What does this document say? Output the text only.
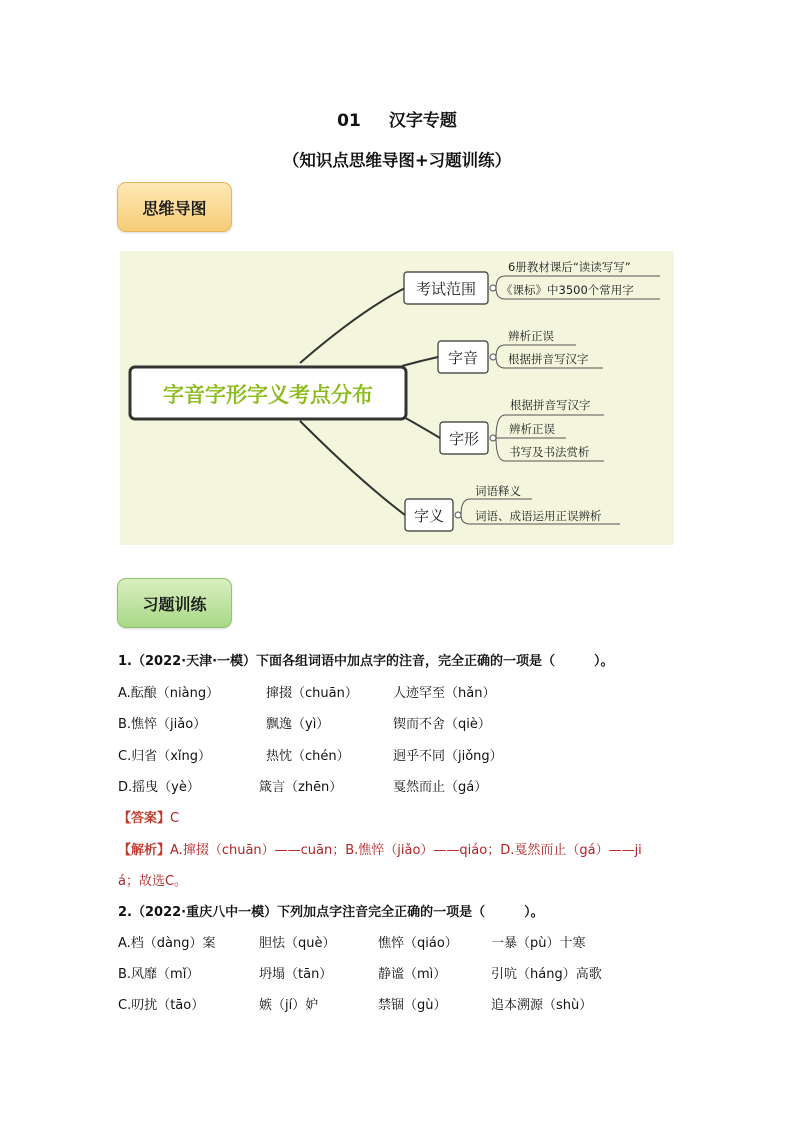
01 汉字专题
（知识点思维导图+习题训练）
思维导图
字音字形字义考点分布
考试范围
6册教材课后“读读写写”
《课标》中3500个常用字
字音
辨析正误
根据拼音写汉字
字形
根据拼音写汉字
辨析正误
书写及书法赏析
字义
词语释义
词语、成语运用正误辨析
习题训练
1.（2022·天津·一模）下面各组词语中加点字的注音，完全正确的一项是（　　　）。
A.酝酿（niàng）	撺掇（chuān）	人迹罕至（hǎn）
B.憔悴（jiǎo）	飘逸（yì）	锲而不舍（qiè）
C.归省（xǐng）	热忱（chén）	迥乎不同（jiǒng）
D.摇曳（yè）	箴言（zhēn）	戛然而止（gá）
【答案】C
【解析】A.撺掇（chuān）——cuān；B.憔悴（jiǎo）——qiáo；D.戛然而止（gá）——ji
á；故选C。
2.（2022·重庆八中一模）下列加点字注音完全正确的一项是（　　　）。
A.档（dàng）案	胆怯（què）	憔悴（qiáo）	一暴（pù）十寒
B.风靡（mǐ）	坍塌（tān）	静谧（mì）	引吭（háng）高歌
C.叨扰（tāo）	嫉（jí）妒	禁锢（gù）	追本溯源（shù）
